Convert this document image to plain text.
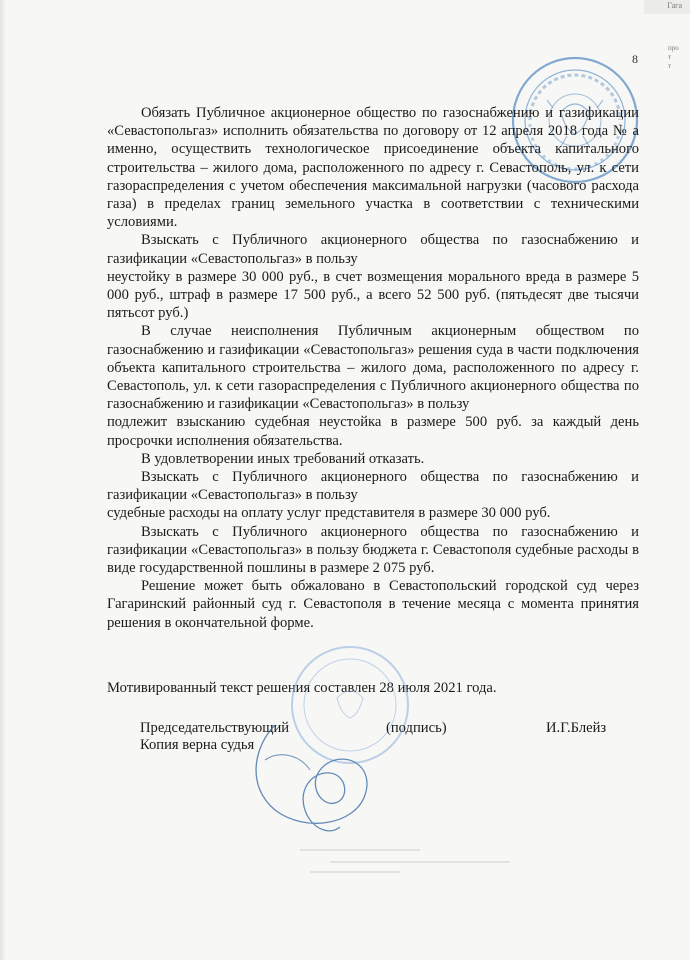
Гага
про
т
т
8

Обязать Публичное акционерное общество по газоснабжению и газификации «Севастопольгаз» исполнить обязательства по договору от 12 апреля 2018 года № а именно, осуществить технологическое присоединение объекта капитального строительства – жилого дома, расположенного по адресу г. Севастополь, ул. к сети газораспределения с учетом обеспечения максимальной нагрузки (часового расхода газа) в пределах границ земельного участка в соответствии с техническими условиями.

Взыскать с Публичного акционерного общества по газоснабжению и газификации «Севастопольгаз» в пользу

неустойку в размере 30 000 руб., в счет возмещения морального вреда в размере 5 000 руб., штраф в размере 17 500 руб., а всего 52 500 руб. (пятьдесят две тысячи пятьсот руб.)

В случае неисполнения Публичным акционерным обществом по газоснабжению и газификации «Севастопольгаз» решения суда в части подключения объекта капитального строительства – жилого дома, расположенного по адресу г. Севастополь, ул. к сети газораспределения с Публичного акционерного общества по газоснабжению и газификации «Севастопольгаз» в пользу

подлежит взысканию судебная неустойка в размере 500 руб. за каждый день просрочки исполнения обязательства.

В удовлетворении иных требований отказать.

Взыскать с Публичного акционерного общества по газоснабжению и газификации «Севастопольгаз» в пользу

судебные расходы на оплату услуг представителя в размере 30 000 руб.

Взыскать с Публичного акционерного общества по газоснабжению и газификации «Севастопольгаз» в пользу бюджета г. Севастополя судебные расходы в виде государственной пошлины в размере 2 075 руб.

Решение может быть обжаловано в Севастопольский городской суд через Гагаринский районный суд г. Севастополя в течение месяца с момента принятия решения в окончательной форме.

Мотивированный текст решения составлен 28 июля 2021 года.
Председательствующий	(подпись)	И.Г.Блейз
Копия верна судья
